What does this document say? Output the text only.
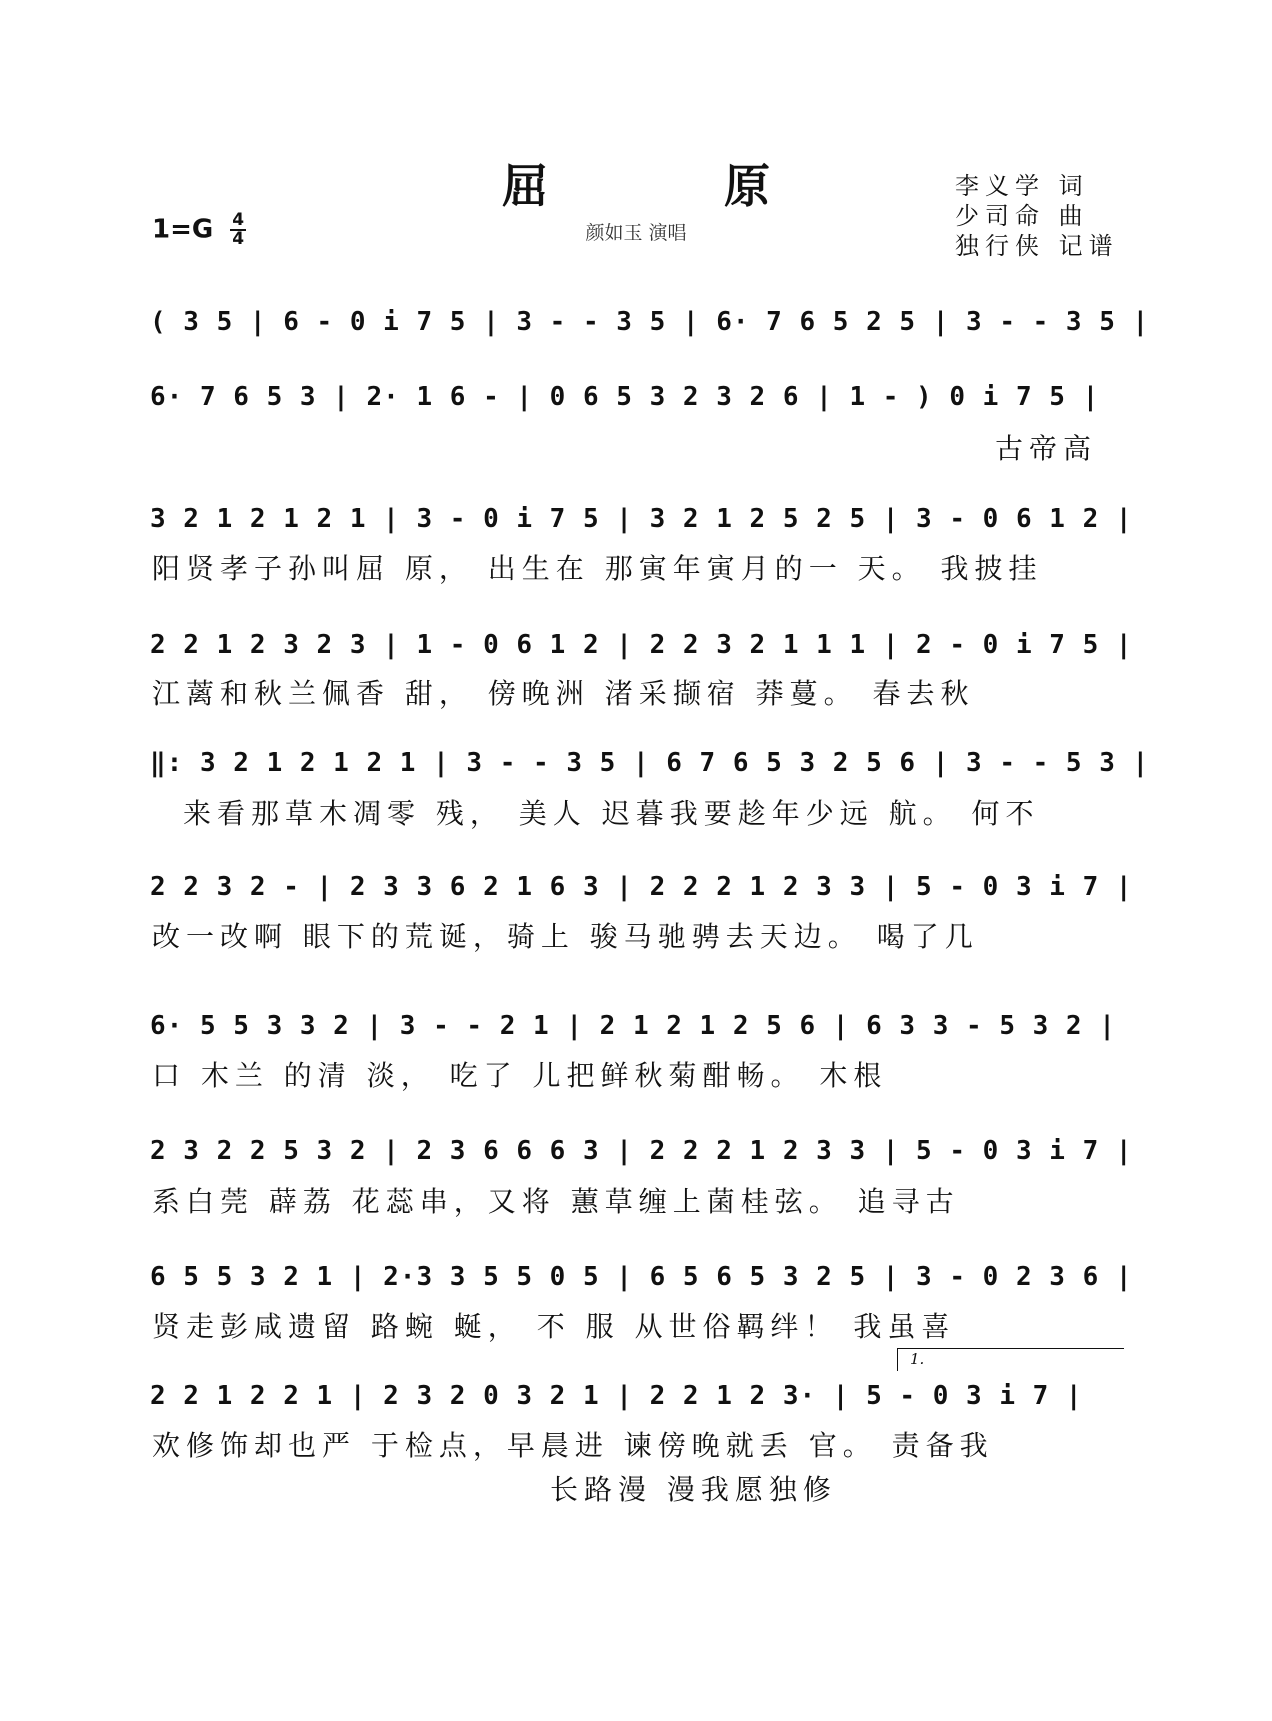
屈 原
颜如玉 演唱
$1=G \frac{4}{4}$
李义学 词
少司命 曲
独行侠 记谱
( 3 5 | 6 - 0 i 7 5 | 3 - - 3 5 | 6· 7 6 5 2 5 | 3 - - 3 5 |
6· 7 6 5 3 | 2· 1 6 - | 0 6 5 3 2 3 2 6 | 1 - ) 0 i 7 5 |
古帝高
3 2 1 2 1 2 1 | 3 - 0 i 7 5 | 3 2 1 2 5 2 5 | 3 - 0 6 1 2 |
阳贤孝子孙叫屈 原， 出生在 那寅年寅月的一 天。 我披挂
2 2 1 2 3 2 3 | 1 - 0 6 1 2 | 2 2 3 2 1 1 1 | 2 - 0 i 7 5 |
江蓠和秋兰佩香 甜， 傍晚洲 渚采撷宿 莽蔓。 春去秋
‖: 3 2 1 2 1 2 1 | 3 - - 3 5 | 6 7 6 5 3 2 5 6 | 3 - - 5 3 |
来看那草木凋零 残， 美人 迟暮我要趁年少远 航。 何不
2 2 3 2 - | 2 3 3 6 2 1 6 3 | 2 2 2 1 2 3 3 | 5 - 0 3 i 7 |
改一改啊 眼下的荒诞，骑上 骏马驰骋去天边。 喝了几
6· 5 5 3 3 2 | 3 - - 2 1 | 2 1 2 1 2 5 6 | 6 3 3 - 5 3 2 |
口 木兰 的清 淡， 吃了 儿把鲜秋菊酣畅。 木根
2 3 2 2 5 3 2 | 2 3 6 6 6 3 | 2 2 2 1 2 3 3 | 5 - 0 3 i 7 |
系白莞 薜荔 花蕊串，又将 蕙草缠上菌桂弦。 追寻古
6 5 5 3 2 1 | 2·3 3 5 5 0 5 | 6 5 6 5 3 2 5 | 3 - 0 2 3 6 |
贤走彭咸遗留 路蜿 蜒， 不 服 从世俗羁绊！ 我虽喜
1.
2 2 1 2 2 1 | 2 3 2 0 3 2 1 | 2 2 1 2 3· | 5 - 0 3 i 7 |
欢修饰却也严 于检点，早晨进 谏傍晚就丢 官。 责备我
长路漫 漫我愿独修
